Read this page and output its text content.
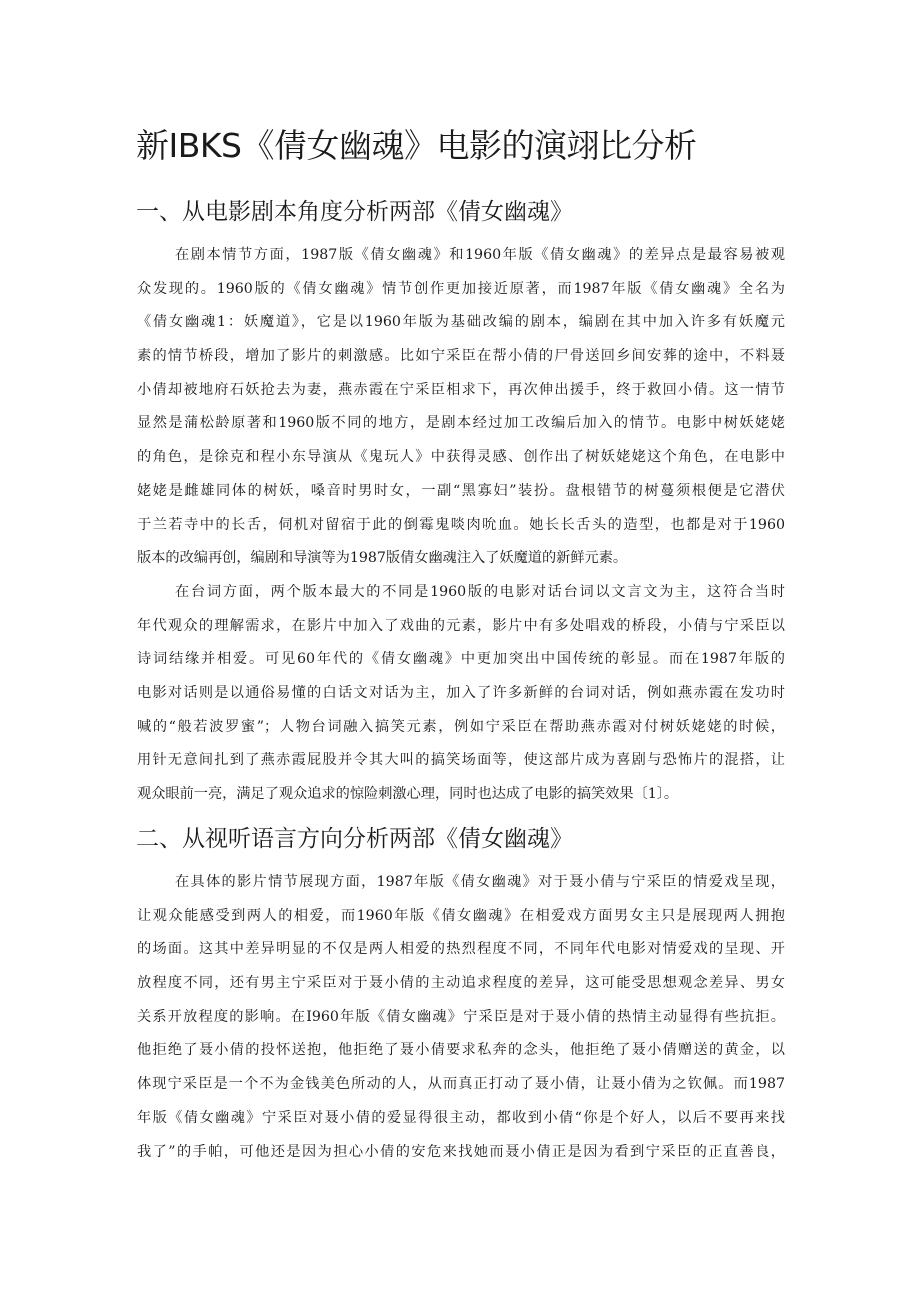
新IBKS《倩女幽魂》电影的演翊比分析
一、从电影剧本角度分析两部《倩女幽魂》
在剧本情节方面，1987版《倩女幽魂》和1960年版《倩女幽魂》的差异点是最容易被观
众发现的。1960版的《倩女幽魂》情节创作更加接近原著，而1987年版《倩女幽魂》全名为
《倩女幽魂1：妖魔道》，它是以1960年版为基础改编的剧本，编剧在其中加入许多有妖魔元
素的情节桥段，增加了影片的刺激感。比如宁采臣在帮小倩的尸骨送回乡间安葬的途中，不料聂
小倩却被地府石妖抢去为妻，燕赤霞在宁采臣相求下，再次伸出援手，终于救回小倩。这一情节
显然是蒲松龄原著和1960版不同的地方，是剧本经过加工改编后加入的情节。电影中树妖姥姥
的角色，是徐克和程小东导演从《鬼玩人》中获得灵感、创作出了树妖姥姥这个角色，在电影中
姥姥是雌雄同体的树妖，嗓音时男时女，一副“黑寡妇”装扮。盘根错节的树蔓须根便是它潜伏
于兰若寺中的长舌，伺机对留宿于此的倒霉鬼啖肉吮血。她长长舌头的造型，也都是对于1960
版本的改编再创，编剧和导演等为1987版倩女幽魂注入了妖魔道的新鲜元素。
在台词方面，两个版本最大的不同是1960版的电影对话台词以文言文为主，这符合当时
年代观众的理解需求，在影片中加入了戏曲的元素，影片中有多处唱戏的桥段，小倩与宁采臣以
诗词结缘并相爱。可见60年代的《倩女幽魂》中更加突出中国传统的彰显。而在1987年版的
电影对话则是以通俗易懂的白话文对话为主，加入了许多新鲜的台词对话，例如燕赤霞在发功时
喊的“般若波罗蜜”；人物台词融入搞笑元素，例如宁采臣在帮助燕赤霞对付树妖姥姥的时候，
用针无意间扎到了燕赤霞屁股并令其大叫的搞笑场面等，使这部片成为喜剧与恐怖片的混搭，让
观众眼前一亮，满足了观众追求的惊险刺激心理，同时也达成了电影的搞笑效果〔1〕。
二、从视听语言方向分析两部《倩女幽魂》
在具体的影片情节展现方面，1987年版《倩女幽魂》对于聂小倩与宁采臣的情爱戏呈现，
让观众能感受到两人的相爱，而1960年版《倩女幽魂》在相爱戏方面男女主只是展现两人拥抱
的场面。这其中差异明显的不仅是两人相爱的热烈程度不同，不同年代电影对情爱戏的呈现、开
放程度不同，还有男主宁采臣对于聂小倩的主动追求程度的差异，这可能受思想观念差异、男女
关系开放程度的影响。在I960年版《倩女幽魂》宁采臣是对于聂小倩的热情主动显得有些抗拒。
他拒绝了聂小倩的投怀送抱，他拒绝了聂小倩要求私奔的念头，他拒绝了聂小倩赠送的黄金，以
体现宁采臣是一个不为金钱美色所动的人，从而真正打动了聂小倩，让聂小倩为之钦佩。而1987
年版《倩女幽魂》宁采臣对聂小倩的爱显得很主动，都收到小倩“你是个好人，以后不要再来找
我了”的手帕，可他还是因为担心小倩的安危来找她而聂小倩正是因为看到宁采臣的正直善良，
